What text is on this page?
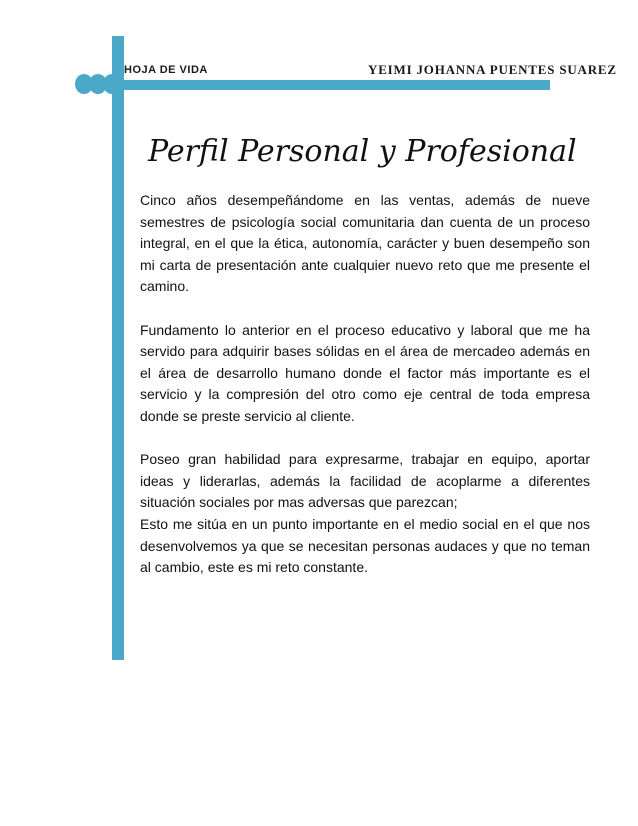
HOJA DE VIDA	YEIMI JOHANNA PUENTES SUAREZ
Perfil Personal y Profesional

Cinco años desempeñándome en las ventas, además de nueve semestres de psicología social comunitaria dan cuenta de un proceso integral, en el que la ética, autonomía, carácter y buen desempeño son mi carta de presentación ante cualquier nuevo reto que me presente el camino.

Fundamento lo anterior en el proceso educativo y laboral que me ha servido para adquirir bases sólidas en el área de mercadeo además en el área de desarrollo humano donde el factor más importante es el servicio y la compresión del otro como eje central de toda empresa donde se preste servicio al cliente.

Poseo gran habilidad para expresarme, trabajar en equipo, aportar ideas y liderarlas, además la facilidad de acoplarme a diferentes situación sociales por mas adversas que parezcan;

Esto me sitúa en un punto importante en el medio social en el que nos desenvolvemos ya que se necesitan personas audaces y que no teman al cambio, este es mi reto constante.
